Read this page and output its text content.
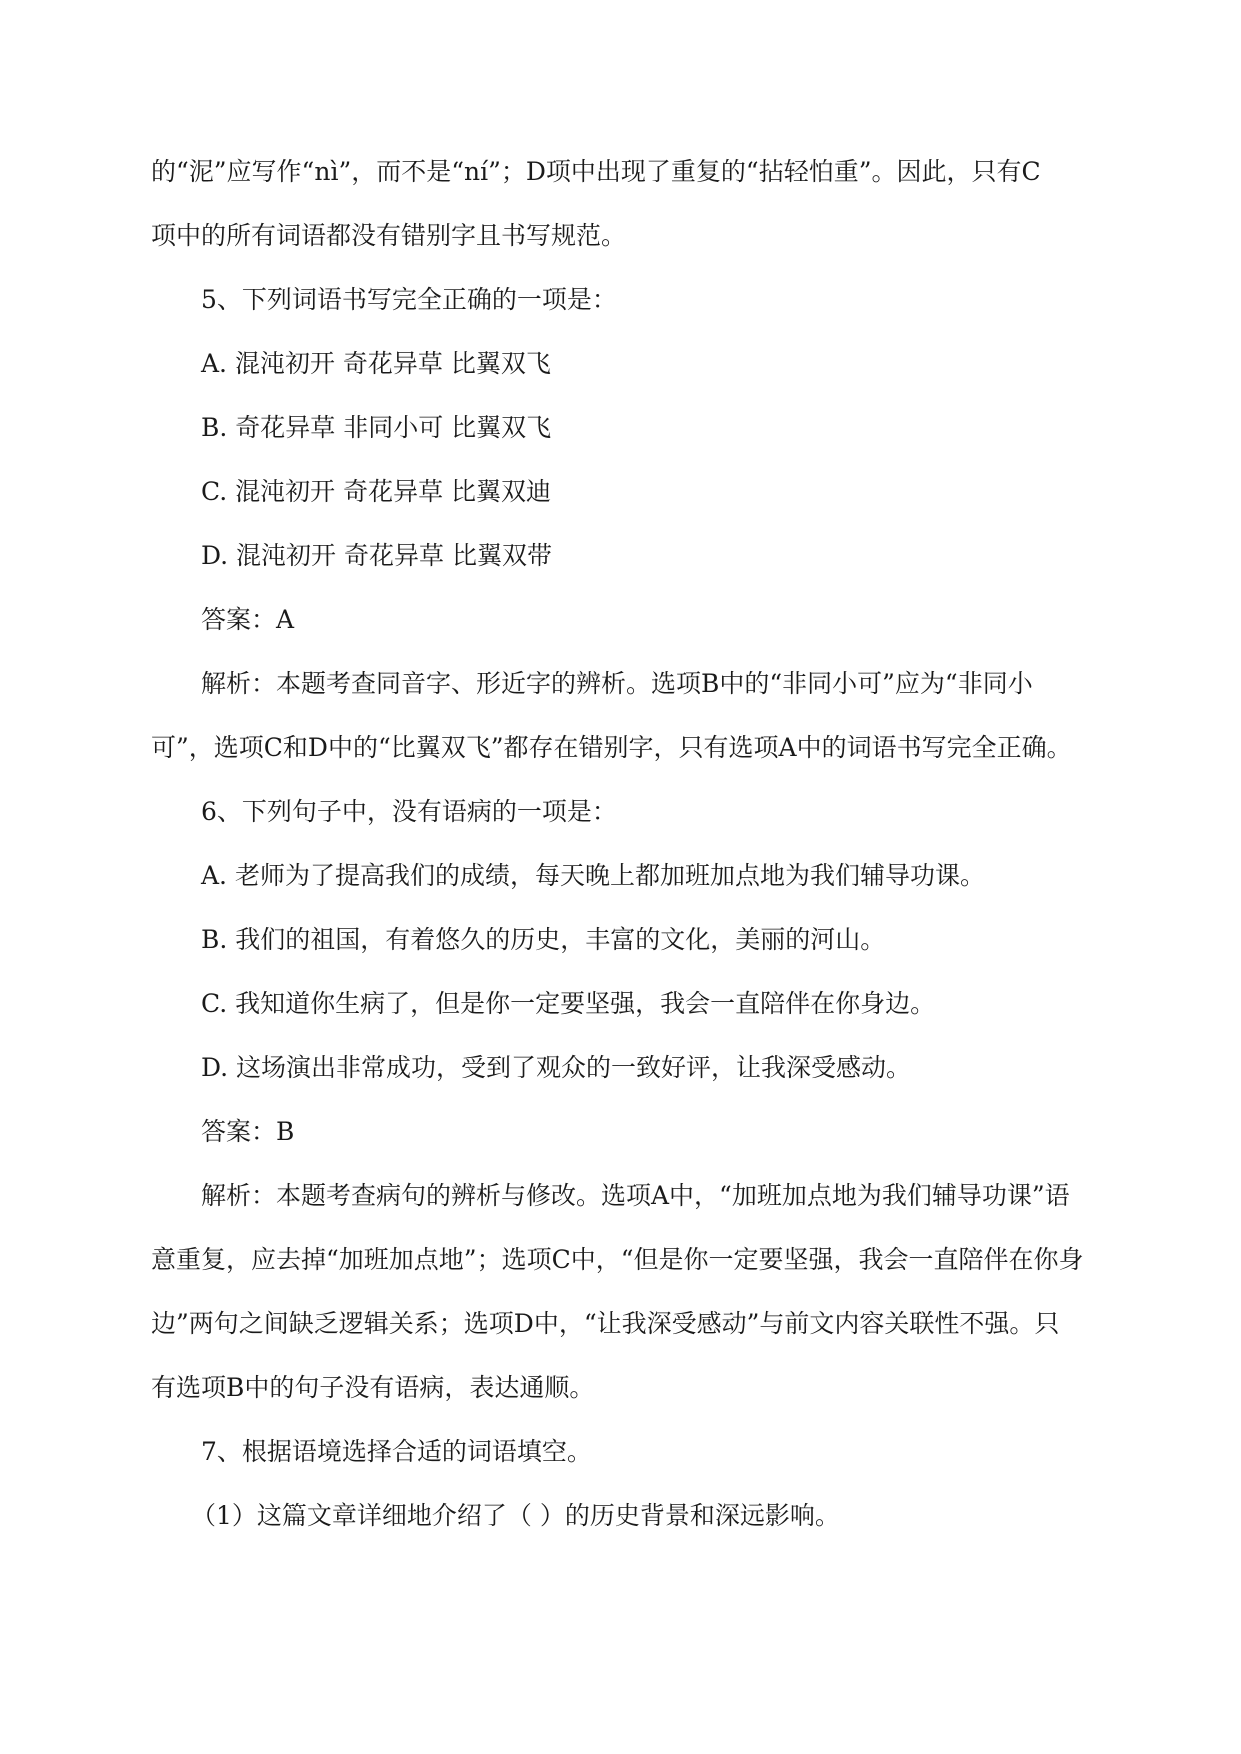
的“泥”应写作“nì”，而不是“ní”；D项中出现了重复的“拈轻怕重”。因此，只有C
项中的所有词语都没有错别字且书写规范。
5、下列词语书写完全正确的一项是：
A. 混沌初开 奇花异草 比翼双飞
B. 奇花异草 非同小可 比翼双飞
C. 混沌初开 奇花异草 比翼双迪
D. 混沌初开 奇花异草 比翼双带
答案：A
解析：本题考查同音字、形近字的辨析。选项B中的“非同小可”应为“非同小
可”，选项C和D中的“比翼双飞”都存在错别字，只有选项A中的词语书写完全正确。
6、下列句子中，没有语病的一项是：
A. 老师为了提高我们的成绩，每天晚上都加班加点地为我们辅导功课。
B. 我们的祖国，有着悠久的历史，丰富的文化，美丽的河山。
C. 我知道你生病了，但是你一定要坚强，我会一直陪伴在你身边。
D. 这场演出非常成功，受到了观众的一致好评，让我深受感动。
答案：B
解析：本题考查病句的辨析与修改。选项A中，“加班加点地为我们辅导功课”语
意重复，应去掉“加班加点地”；选项C中，“但是你一定要坚强，我会一直陪伴在你身
边”两句之间缺乏逻辑关系；选项D中，“让我深受感动”与前文内容关联性不强。只
有选项B中的句子没有语病，表达通顺。
7、根据语境选择合适的词语填空。
（1）这篇文章详细地介绍了（ ）的历史背景和深远影响。
